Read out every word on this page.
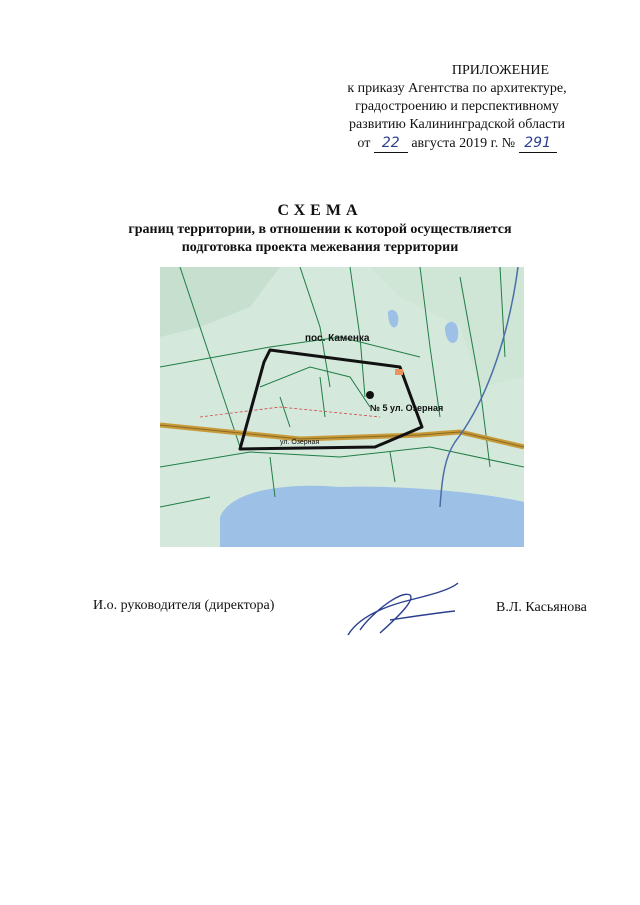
ПРИЛОЖЕНИЕ
к приказу Агентства по архитектуре,
градостроению и перспективному
развитию Калининградской области
от 22 августа 2019 г. № 291
СХЕМА
границ территории, в отношении к которой осуществляется
подготовка проекта межевания территории
пос. Каменка
№ 5 ул. Озерная
ул. Озерная
И.о. руководителя (директора)	В.Л. Касьянова
